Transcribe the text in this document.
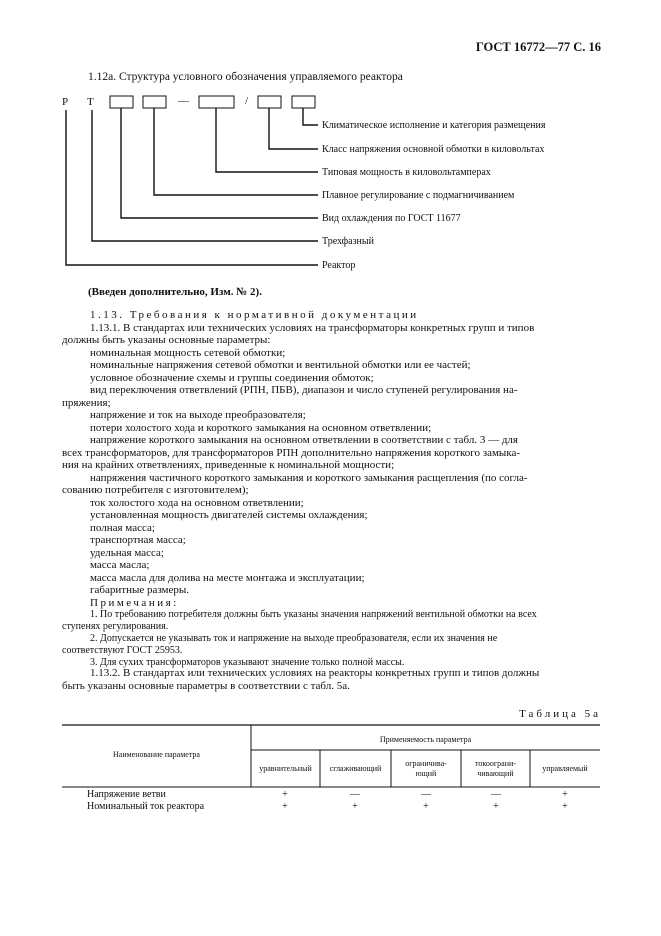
ГОСТ 16772—77 С. 16
1.12а. Структура условного обозначения управляемого реактора
Р Т	—	/
Климатическое исполнение и категория размещения
Класс напряжения основной обмотки в киловольтах
Типовая мощность в киловольтамперах
Плавное регулирование с подмагничиванием
Вид охлаждения по ГОСТ 11677
Трехфазный
Реактор
(Введен дополнительно, Изм. № 2).
1.13. Требования к нормативной документации
1.13.1. В стандартах или технических условиях на трансформаторы конкретных групп и типов
должны быть указаны основные параметры:
номинальная мощность сетевой обмотки;
номинальные напряжения сетевой обмотки и вентильной обмотки или ее частей;
условное обозначение схемы и группы соединения обмоток;
вид переключения ответвлений (РПН, ПБВ), диапазон и число ступеней регулирования на-
пряжения;
напряжение и ток на выходе преобразователя;
потери холостого хода и короткого замыкания на основном ответвлении;
напряжение короткого замыкания на основном ответвлении в соответствии с табл. 3 — для
всех трансформаторов, для трансформаторов РПН дополнительно напряжения короткого замыка-
ния на крайних ответвлениях, приведенные к номинальной мощности;
напряжения частичного короткого замыкания и короткого замыкания расщепления (по согла-
сованию потребителя с изготовителем);
ток холостого хода на основном ответвлении;
установленная мощность двигателей системы охлаждения;
полная масса;
транспортная масса;
удельная масса;
масса масла;
масса масла для долива на месте монтажа и эксплуатации;
габаритные размеры.
Примечания:
1. По требованию потребителя должны быть указаны значения напряжений вентильной обмотки на всех
ступенях регулирования.
2. Допускается не указывать ток и напряжение на выходе преобразователя, если их значения не
соответствуют ГОСТ 25953.
3. Для сухих трансформаторов указывают значение только полной массы.
1.13.2. В стандартах или технических условиях на реакторы конкретных групп и типов должны
быть указаны основные параметры в соответствии с табл. 5а.
Таблица 5а
Наименование параметра
Применяемость параметра
уравнительный	сглаживающий
ограничива-
ющий
токоограни-
чивающий
управляемый
Напряжение ветви	+	—	—	—	+
Номинальный ток реактора	+	+	+	+	+
